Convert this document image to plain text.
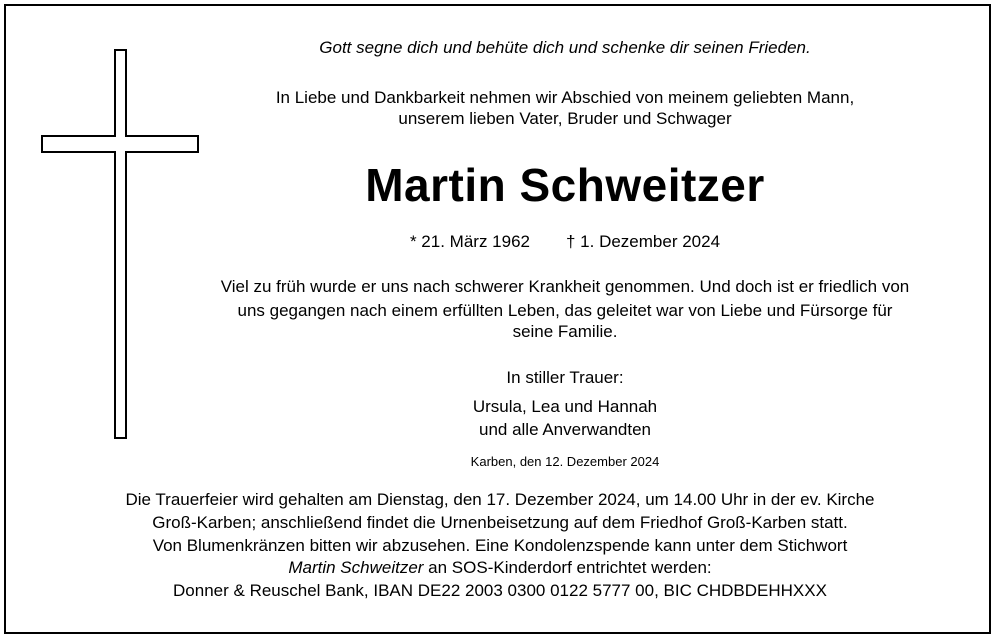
Gott segne dich und behüte dich und schenke dir seinen Frieden.
In Liebe und Dankbarkeit nehmen wir Abschied von meinem geliebten Mann,
unserem lieben Vater, Bruder und Schwager
Martin Schweitzer
* 21. März 1962 † 1. Dezember 2024
Viel zu früh wurde er uns nach schwerer Krankheit genommen. Und doch ist er friedlich von
uns gegangen nach einem erfüllten Leben, das geleitet war von Liebe und Fürsorge für
seine Familie.
In stiller Trauer:
Ursula, Lea und Hannah
und alle Anverwandten
Karben, den 12. Dezember 2024
Die Trauerfeier wird gehalten am Dienstag, den 17. Dezember 2024, um 14.00 Uhr in der ev. Kirche
Groß-Karben; anschließend findet die Urnenbeisetzung auf dem Friedhof Groß-Karben statt.
Von Blumenkränzen bitten wir abzusehen. Eine Kondolenzspende kann unter dem Stichwort
Martin Schweitzer an SOS-Kinderdorf entrichtet werden:
Donner & Reuschel Bank, IBAN DE22 2003 0300 0122 5777 00, BIC CHDBDEHHXXX
